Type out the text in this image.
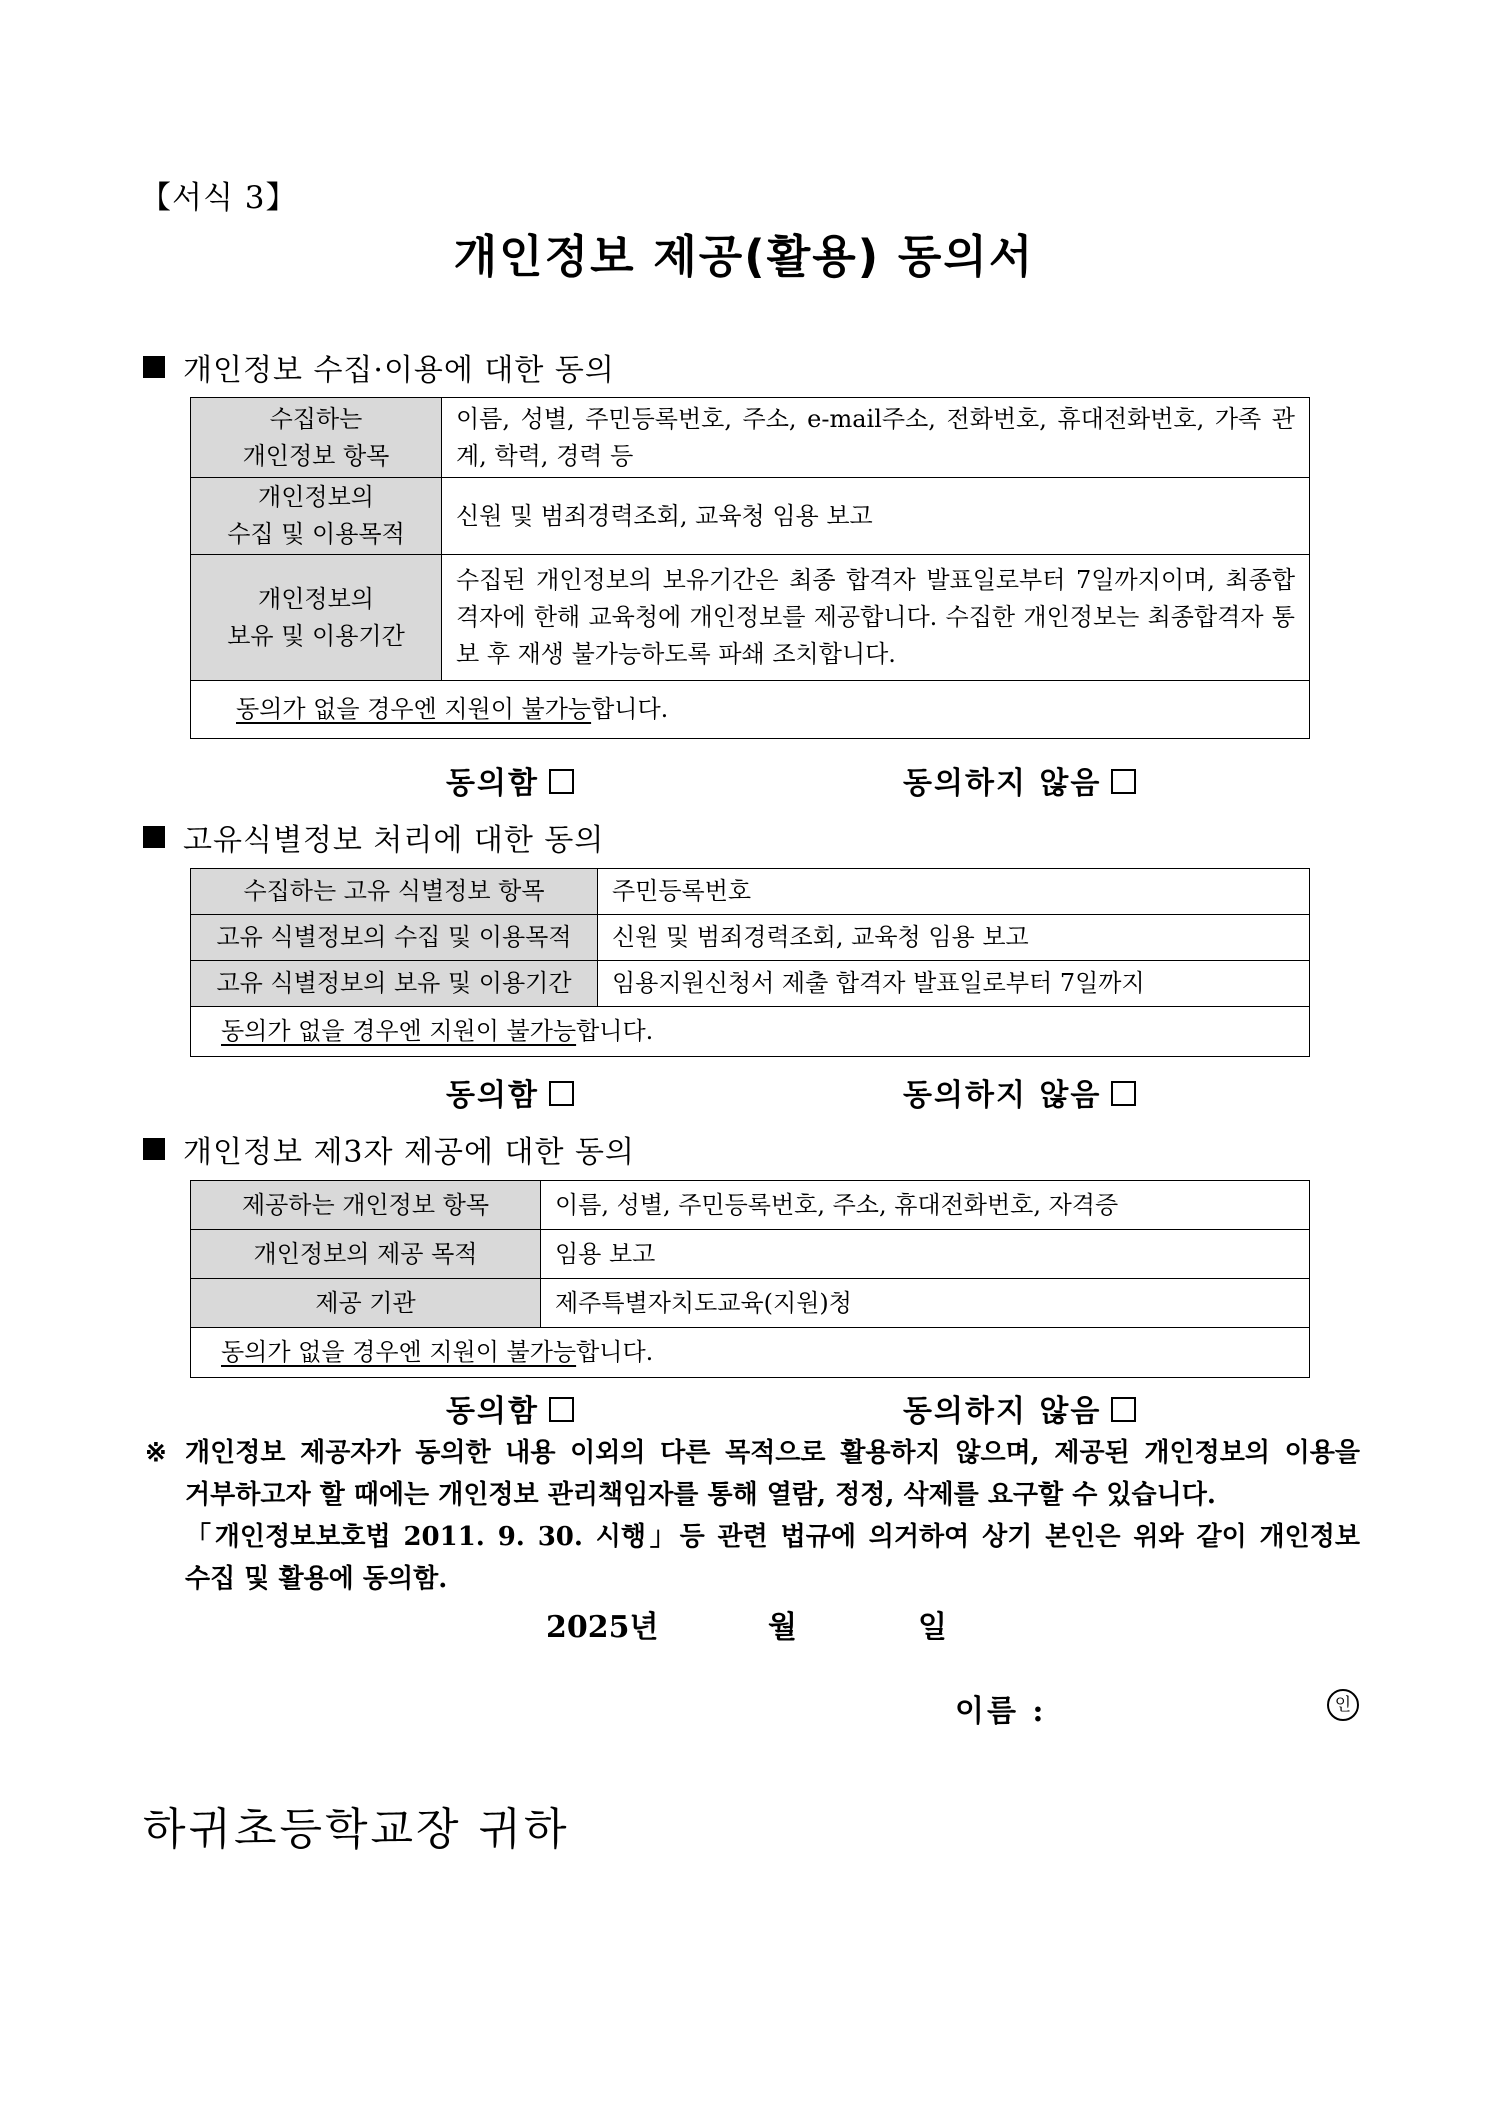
【서식 3】
개인정보 제공(활용) 동의서
개인정보 수집·이용에 대한 동의
수집하는
개인정보 항목	이름, 성별, 주민등록번호, 주소, e-mail주소, 전화번호, 휴대전화번호, 가족 관계, 학력, 경력 등
개인정보의
수집 및 이용목적	신원 및 범죄경력조회, 교육청 임용 보고
개인정보의
보유 및 이용기간	수집된 개인정보의 보유기간은 최종 합격자 발표일로부터 7일까지이며, 최종합격자에 한해 교육청에 개인정보를 제공합니다. 수집한 개인정보는 최종합격자 통보 후 재생 불가능하도록 파쇄 조치합니다.
동의가 없을 경우엔 지원이 불가능합니다.	
동의함	동의하지 않음
고유식별정보 처리에 대한 동의
수집하는 고유 식별정보 항목	주민등록번호
고유 식별정보의 수집 및 이용목적	신원 및 범죄경력조회, 교육청 임용 보고
고유 식별정보의 보유 및 이용기간	임용지원신청서 제출 합격자 발표일로부터 7일까지
동의가 없을 경우엔 지원이 불가능합니다.	
동의함	동의하지 않음
개인정보 제3자 제공에 대한 동의
제공하는 개인정보 항목	이름, 성별, 주민등록번호, 주소, 휴대전화번호, 자격증
개인정보의 제공 목적	임용 보고
제공 기관	제주특별자치도교육(지원)청
동의가 없을 경우엔 지원이 불가능합니다.	
동의함	동의하지 않음
※ 개인정보 제공자가 동의한 내용 이외의 다른 목적으로 활용하지 않으며, 제공된 개인정보의 이용을

거부하고자 할 때에는 개인정보 관리책임자를 통해 열람, 정정, 삭제를 요구할 수 있습니다.

「개인정보보호법 2011. 9. 30. 시행」등 관련 법규에 의거하여 상기 본인은 위와 같이 개인정보

수집 및 활용에 동의함.

2025년	월	일
이름 :	인
하귀초등학교장 귀하
